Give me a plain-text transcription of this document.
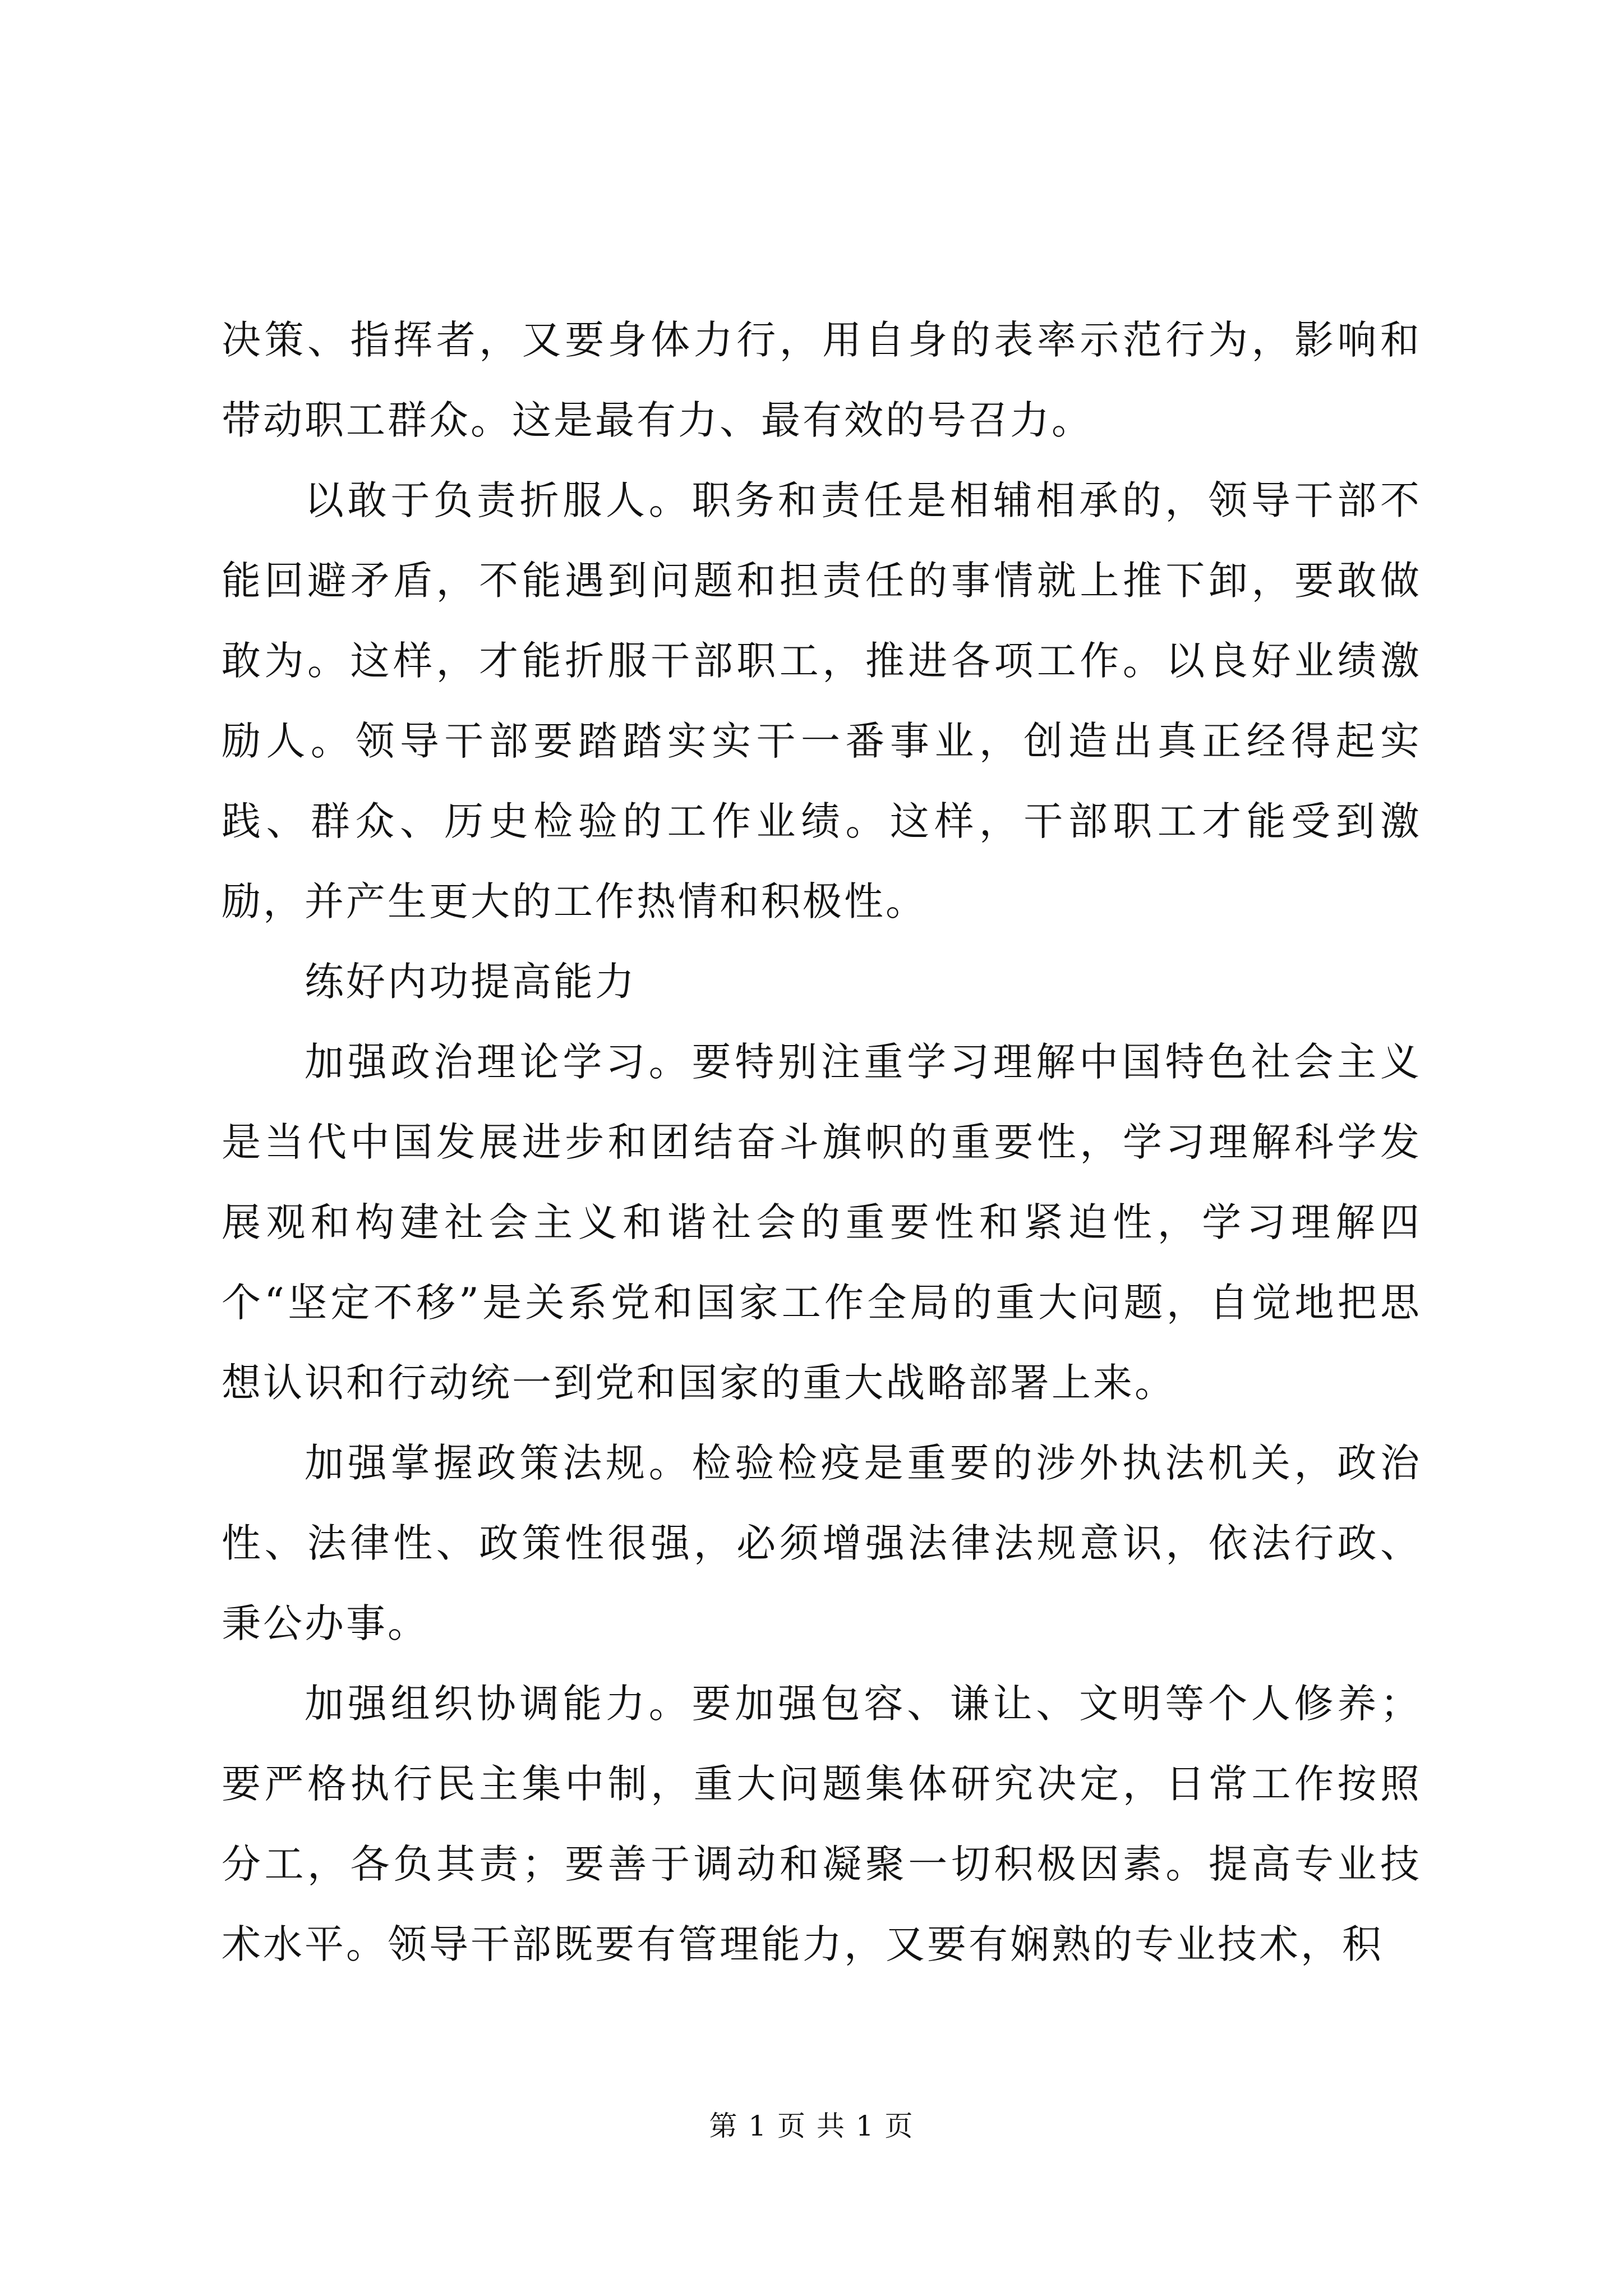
决策、指挥者，又要身体力行，用自身的表率示范行为，影响和带动职工群众。这是最有力、最有效的号召力。

以敢于负责折服人。职务和责任是相辅相承的，领导干部不能回避矛盾，不能遇到问题和担责任的事情就上推下卸，要敢做敢为。这样，才能折服干部职工，推进各项工作。以良好业绩激励人。领导干部要踏踏实实干一番事业，创造出真正经得起实践、群众、历史检验的工作业绩。这样，干部职工才能受到激励，并产生更大的工作热情和积极性。

练好内功提高能力

加强政治理论学习。要特别注重学习理解中国特色社会主义是当代中国发展进步和团结奋斗旗帜的重要性，学习理解科学发展观和构建社会主义和谐社会的重要性和紧迫性，学习理解四个“坚定不移”是关系党和国家工作全局的重大问题，自觉地把思想认识和行动统一到党和国家的重大战略部署上来。

加强掌握政策法规。检验检疫是重要的涉外执法机关，政治性、法律性、政策性很强，必须增强法律法规意识，依法行政、秉公办事。

加强组织协调能力。要加强包容、谦让、文明等个人修养；要严格执行民主集中制，重大问题集体研究决定，日常工作按照分工，各负其责；要善于调动和凝聚一切积极因素。提高专业技术水平。领导干部既要有管理能力，又要有娴熟的专业技术，积

第 1 页 共 1 页
